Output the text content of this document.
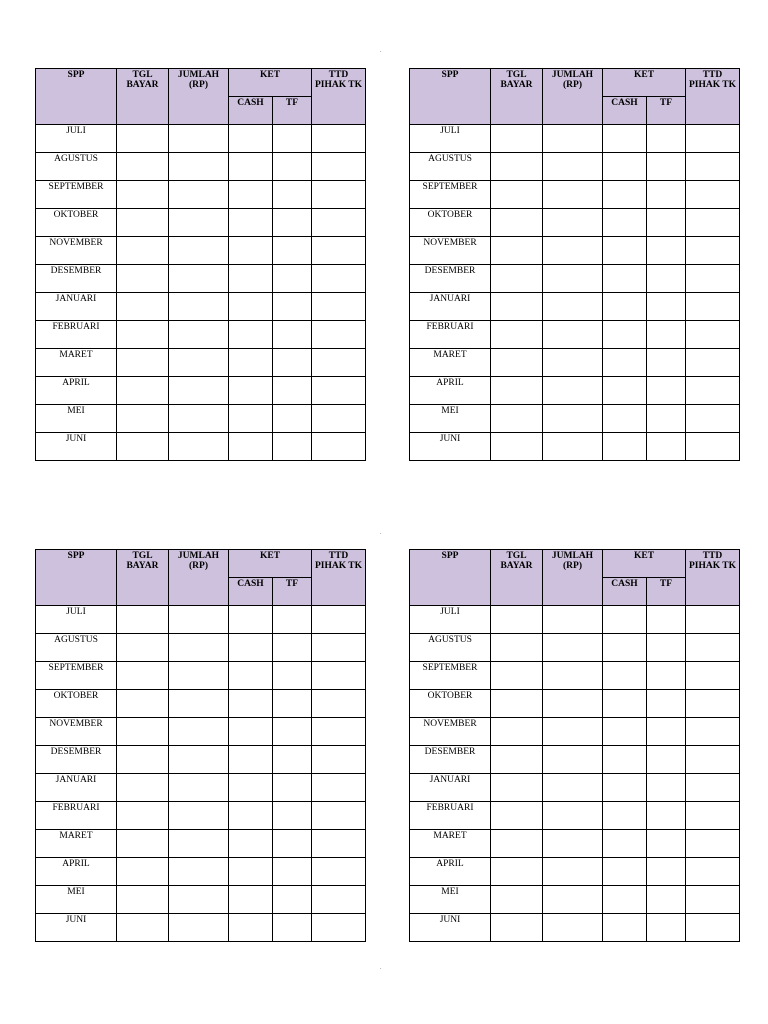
.
.
.
SPP	TGL BAYAR	JUMLAH (RP)	KET		TTD PIHAK TK
			CASH	TF	
JULI					
AGUSTUS					
SEPTEMBER					
OKTOBER					
NOVEMBER					
DESEMBER					
JANUARI					
FEBRUARI					
MARET					
APRIL					
MEI					
JUNI					
SPP	TGL BAYAR	JUMLAH (RP)	KET		TTD PIHAK TK
			CASH	TF	
JULI					
AGUSTUS					
SEPTEMBER					
OKTOBER					
NOVEMBER					
DESEMBER					
JANUARI					
FEBRUARI					
MARET					
APRIL					
MEI					
JUNI					
SPP	TGL BAYAR	JUMLAH (RP)	KET		TTD PIHAK TK
			CASH	TF	
JULI					
AGUSTUS					
SEPTEMBER					
OKTOBER					
NOVEMBER					
DESEMBER					
JANUARI					
FEBRUARI					
MARET					
APRIL					
MEI					
JUNI					
SPP	TGL BAYAR	JUMLAH (RP)	KET		TTD PIHAK TK
			CASH	TF	
JULI					
AGUSTUS					
SEPTEMBER					
OKTOBER					
NOVEMBER					
DESEMBER					
JANUARI					
FEBRUARI					
MARET					
APRIL					
MEI					
JUNI					
